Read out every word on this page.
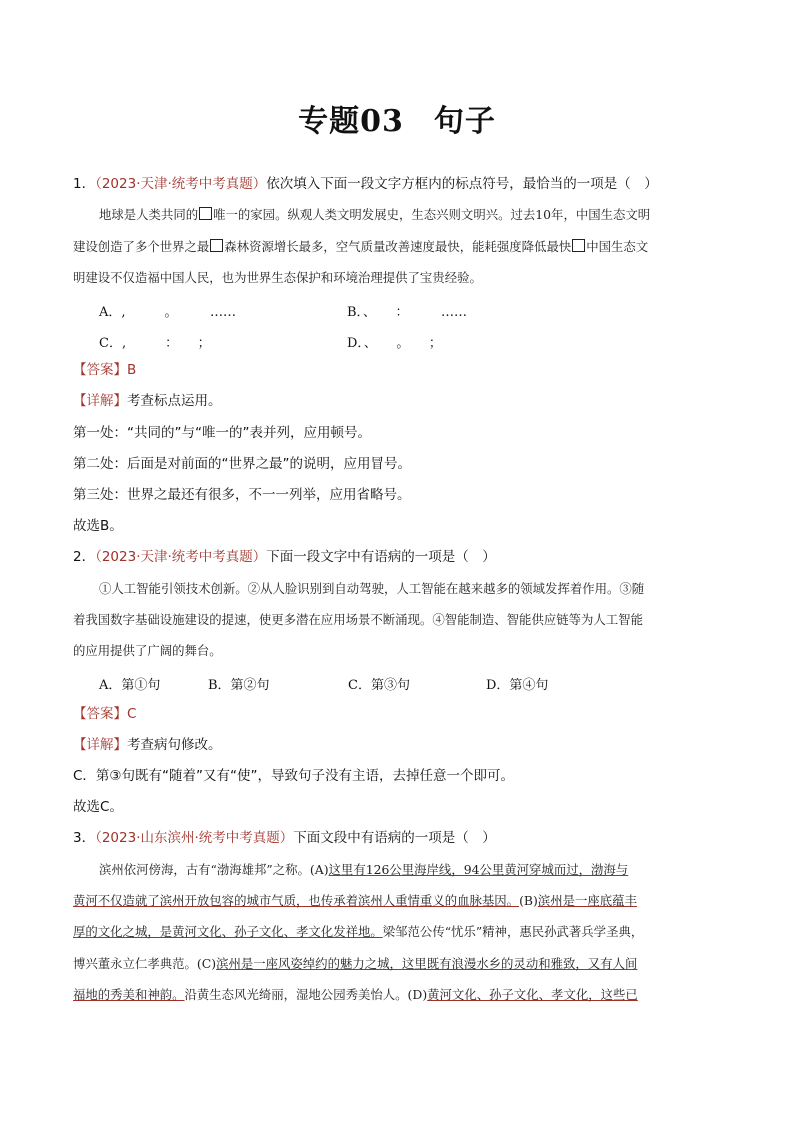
专题03 句子
1．（2023·天津·统考中考真题）依次填入下面一段文字方框内的标点符号，最恰当的一项是（　）
地球是人类共同的 唯一的家园。纵观人类文明发展史，生态兴则文明兴。过去10年，中国生态文明
建设创造了多个世界之最 森林资源增长最多，空气质量改善速度最快，能耗强度降低最快 中国生态文
明建设不仅造福中国人民，也为世界生态保护和环境治理提供了宝贵经验。
A．,　　　。　　　……	B．、　　：　　　……
C．,　　　：　　；	D．、　　。　　；
【答案】B
【详解】考查标点运用。
第一处：“共同的”与“唯一的”表并列，应用顿号。
第二处：后面是对前面的“世界之最”的说明，应用冒号。
第三处：世界之最还有很多，不一一列举，应用省略号。
故选B。
2．（2023·天津·统考中考真题）下面一段文字中有语病的一项是（　）
①人工智能引领技术创新。②从人脸识别到自动驾驶，人工智能在越来越多的领域发挥着作用。③随
着我国数字基础设施建设的提速，使更多潜在应用场景不断涌现。④智能制造、智能供应链等为人工智能
的应用提供了广阔的舞台。
A．第①句	B．第②句	C．第③句	D．第④句
【答案】C
【详解】考查病句修改。
C．第③句既有“随着”又有“使”，导致句子没有主语，去掉任意一个即可。
故选C。
3．（2023·山东滨州·统考中考真题）下面文段中有语病的一项是（　）
滨州依河傍海，古有“渤海雄邦”之称。(A)这里有126公里海岸线，94公里黄河穿城而过，渤海与
黄河不仅造就了滨州开放包容的城市气质，也传承着滨州人重情重义的血脉基因。(B)滨州是一座底蕴丰
厚的文化之城，是黄河文化、孙子文化、孝文化发祥地。梁邹范公传“忧乐”精神，惠民孙武著兵学圣典，
博兴董永立仁孝典范。(C)滨州是一座风姿绰约的魅力之城，这里既有浪漫水乡的灵动和雅致，又有人间
福地的秀美和神韵。沿黄生态风光绮丽，湿地公园秀美怡人。(D)黄河文化、孙子文化、孝文化，这些已
